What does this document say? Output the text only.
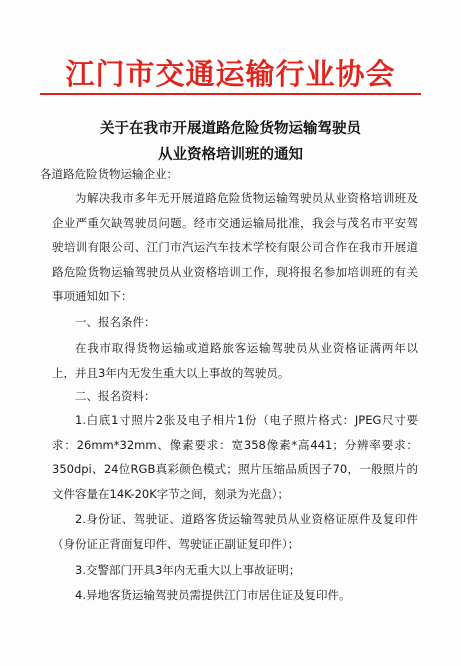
江门市交通运输行业协会
关于在我市开展道路危险货物运输驾驶员
从业资格培训班的通知

各道路危险货物运输企业：

为解决我市多年无开展道路危险货物运输驾驶员从业资格培训班及企业严重欠缺驾驶员问题。经市交通运输局批准，我会与茂名市平安驾驶培训有限公司、江门市汽运汽车技术学校有限公司合作在我市开展道路危险货物运输驾驶员从业资格培训工作，现将报名参加培训班的有关事项通知如下：

一、报名条件：

在我市取得货物运输或道路旅客运输驾驶员从业资格证满两年以上，并且3年内无发生重大以上事故的驾驶员。

二、报名资料：

1.白底1寸照片2张及电子相片1份（电子照片格式：JPEG尺寸要求：26mm*32mm、像素要求：宽358像素*高441；分辨率要求：350dpi、24位RGB真彩颜色模式；照片压缩品质因子70，一般照片的文件容量在14K-20K字节之间，刻录为光盘）；

2.身份证、驾驶证、道路客货运输驾驶员从业资格证原件及复印件（身份证正背面复印件、驾驶证正副证复印件）；

3.交警部门开具3年内无重大以上事故证明；

4.异地客货运输驾驶员需提供江门市居住证及复印件。
